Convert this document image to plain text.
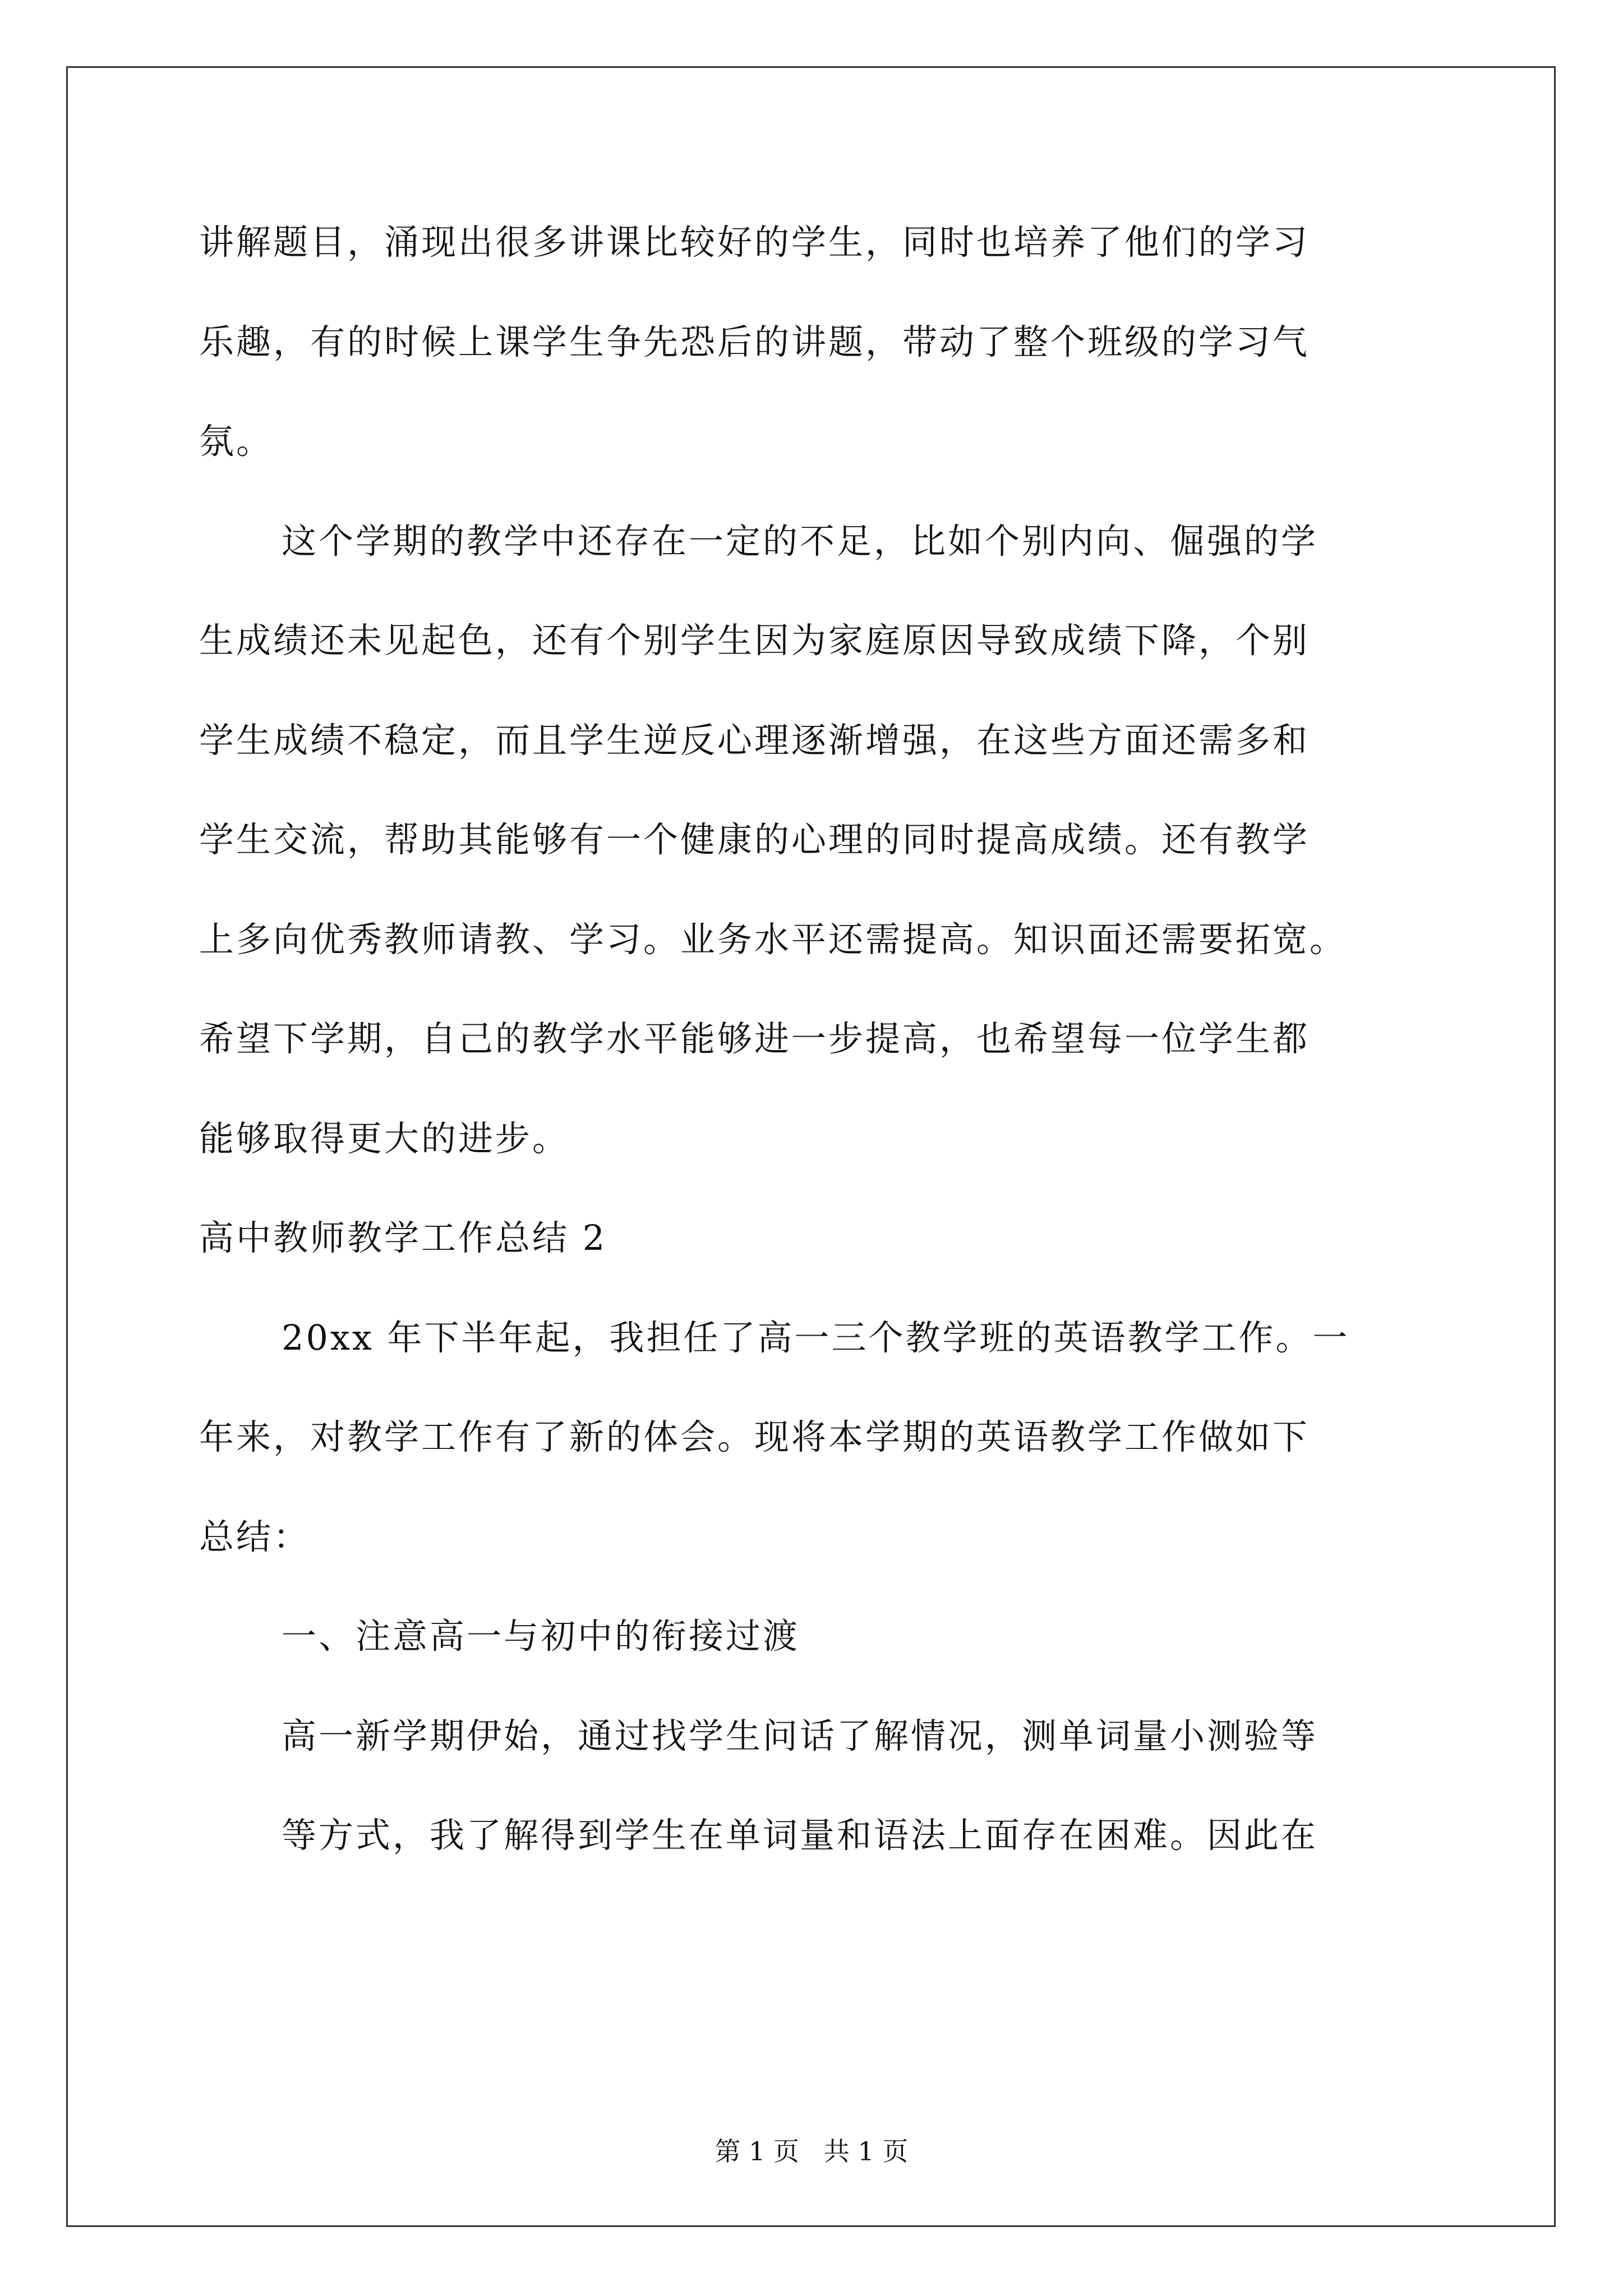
讲解题目，涌现出很多讲课比较好的学生，同时也培养了他们的学习
乐趣，有的时候上课学生争先恐后的讲题，带动了整个班级的学习气
氛。
这个学期的教学中还存在一定的不足，比如个别内向、倔强的学
生成绩还未见起色，还有个别学生因为家庭原因导致成绩下降，个别
学生成绩不稳定，而且学生逆反心理逐渐增强，在这些方面还需多和
学生交流，帮助其能够有一个健康的心理的同时提高成绩。还有教学
上多向优秀教师请教、学习。业务水平还需提高。知识面还需要拓宽。
希望下学期，自己的教学水平能够进一步提高，也希望每一位学生都
能够取得更大的进步。
高中教师教学工作总结 2
20xx 年下半年起，我担任了高一三个教学班的英语教学工作。一
年来，对教学工作有了新的体会。现将本学期的英语教学工作做如下
总结：
一、注意高一与初中的衔接过渡
高一新学期伊始，通过找学生问话了解情况，测单词量小测验等
等方式，我了解得到学生在单词量和语法上面存在困难。因此在
第 1 页   共 1 页
